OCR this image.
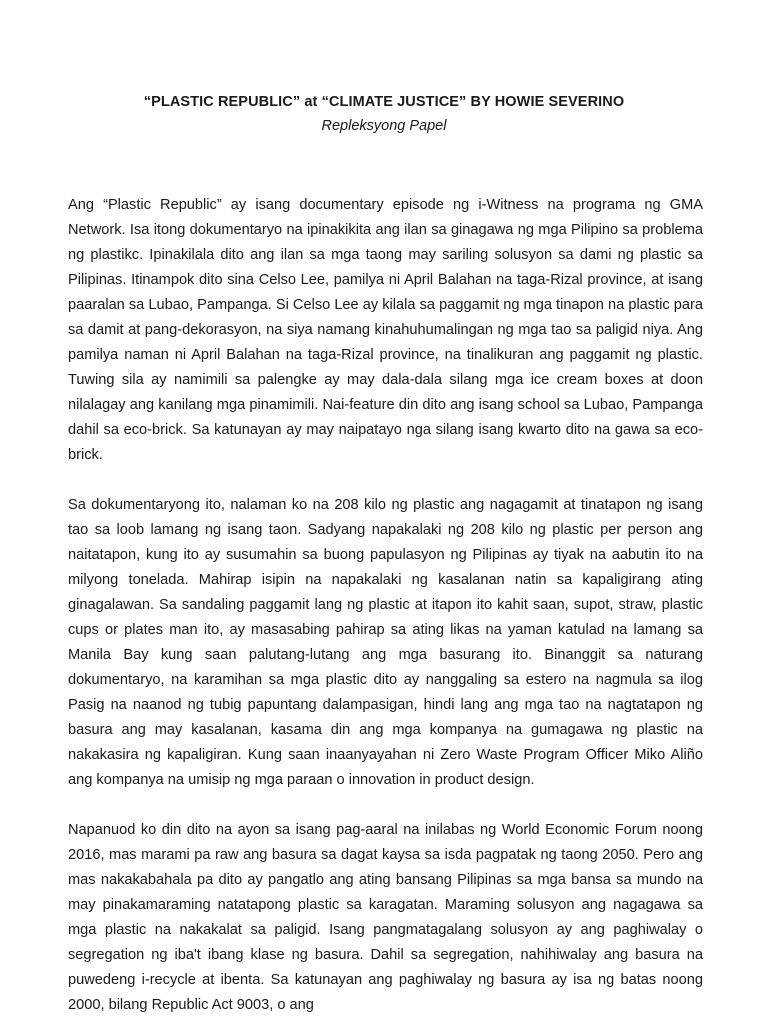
“PLASTIC REPUBLIC” at “CLIMATE JUSTICE” BY HOWIE SEVERINO

Repleksyong Papel

Ang “Plastic Republic” ay isang documentary episode ng i-Witness na programa ng GMA Network. Isa itong dokumentaryo na ipinakikita ang ilan sa ginagawa ng mga Pilipino sa problema ng plastikc. Ipinakilala dito ang ilan sa mga taong may sariling solusyon sa dami ng plastic sa Pilipinas. Itinampok dito sina Celso Lee, pamilya ni April Balahan na taga-Rizal province, at isang paaralan sa Lubao, Pampanga. Si Celso Lee ay kilala sa paggamit ng mga tinapon na plastic para sa damit at pang-dekorasyon, na siya namang kinahuhumalingan ng mga tao sa paligid niya. Ang pamilya naman ni April Balahan na taga-Rizal province, na tinalikuran ang paggamit ng plastic. Tuwing sila ay namimili sa palengke ay may dala-dala silang mga ice cream boxes at doon nilalagay ang kanilang mga pinamimili. Nai-feature din dito ang isang school sa Lubao, Pampanga dahil sa eco-brick. Sa katunayan ay may naipatayo nga silang isang kwarto dito na gawa sa eco-brick.

Sa dokumentaryong ito, nalaman ko na 208 kilo ng plastic ang nagagamit at tinatapon ng isang tao sa loob lamang ng isang taon. Sadyang napakalaki ng 208 kilo ng plastic per person ang naitatapon, kung ito ay susumahin sa buong papulasyon ng Pilipinas ay tiyak na aabutin ito na milyong tonelada. Mahirap isipin na napakalaki ng kasalanan natin sa kapaligirang ating ginagalawan. Sa sandaling paggamit lang ng plastic at itapon ito kahit saan, supot, straw, plastic cups or plates man ito, ay masasabing pahirap sa ating likas na yaman katulad na lamang sa Manila Bay kung saan palutang-lutang ang mga basurang ito. Binanggit sa naturang dokumentaryo, na karamihan sa mga plastic dito ay nanggaling sa estero na nagmula sa ilog Pasig na naanod ng tubig papuntang dalampasigan, hindi lang ang mga tao na nagtatapon ng basura ang may kasalanan, kasama din ang mga kompanya na gumagawa ng plastic na nakakasira ng kapaligiran. Kung saan inaanyayahan ni Zero Waste Program Officer Miko Aliño ang kompanya na umisip ng mga paraan o innovation in product design.

Napanuod ko din dito na ayon sa isang pag-aaral na inilabas ng World Economic Forum noong 2016, mas marami pa raw ang basura sa dagat kaysa sa isda pagpatak ng taong 2050. Pero ang mas nakakabahala pa dito ay pangatlo ang ating bansang Pilipinas sa mga bansa sa mundo na may pinakamaraming natatapong plastic sa karagatan. Maraming solusyon ang nagagawa sa mga plastic na nakakalat sa paligid. Isang pangmatagalang solusyon ay ang paghiwalay o segregation ng iba't ibang klase ng basura. Dahil sa segregation, nahihiwalay ang basura na puwedeng i-recycle at ibenta. Sa katunayan ang paghiwalay ng basura ay isa ng batas noong 2000, bilang Republic Act 9003, o ang
